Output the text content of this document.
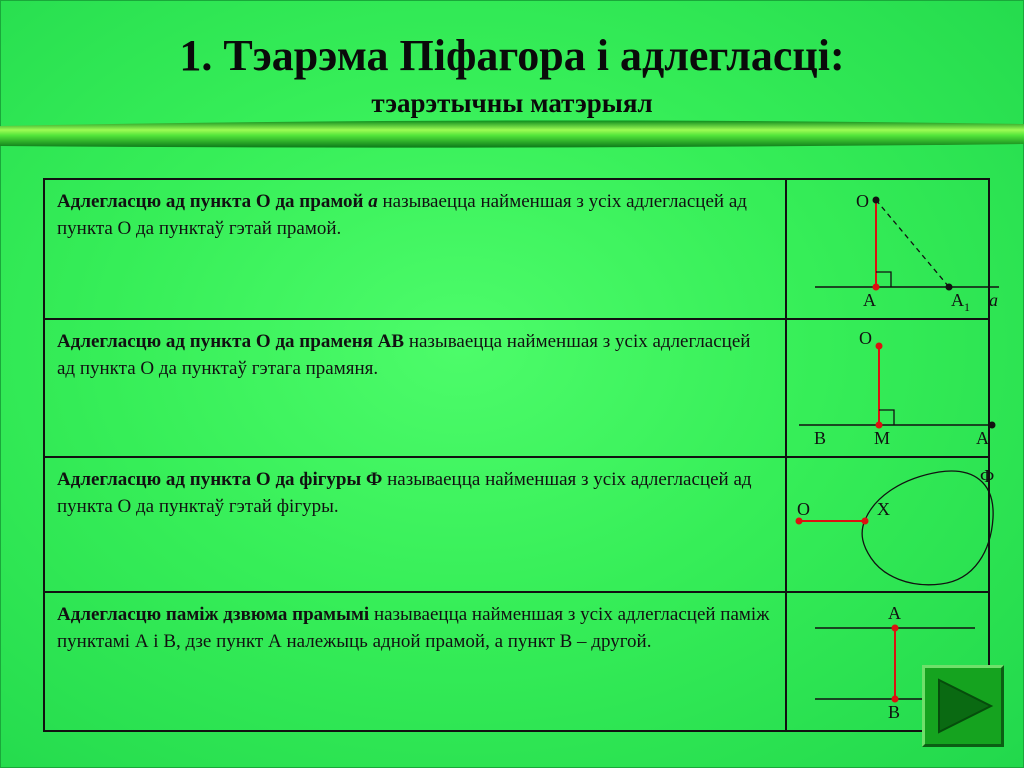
1. Тэарэма Піфагора і адлегласці:
тэарэтычны матэрыял
Адлегласцю ад пункта О да прамой а называецца найменшая з усіх адлегласцей ад пункта О да пунктаў гэтай прамой.	O
A $A_1$ a

Адлегласцю ад пункта О да праменя АВ называецца найменшая з усіх адлегласцей ад пункта О да пунктаў гэтага прамяня.	O
B M A

Адлегласцю ад пункта О да фігуры Ф называецца найменшая з усіх адлегласцей ад пункта О да пунктаў гэтай фігуры.	Ф
O X

Адлегласцю паміж дзвюма прамымі называецца найменшая з усіх адлегласцей паміж пунктамі А і В, дзе пункт А належыць адной прамой, а пункт В – другой.	A
B
